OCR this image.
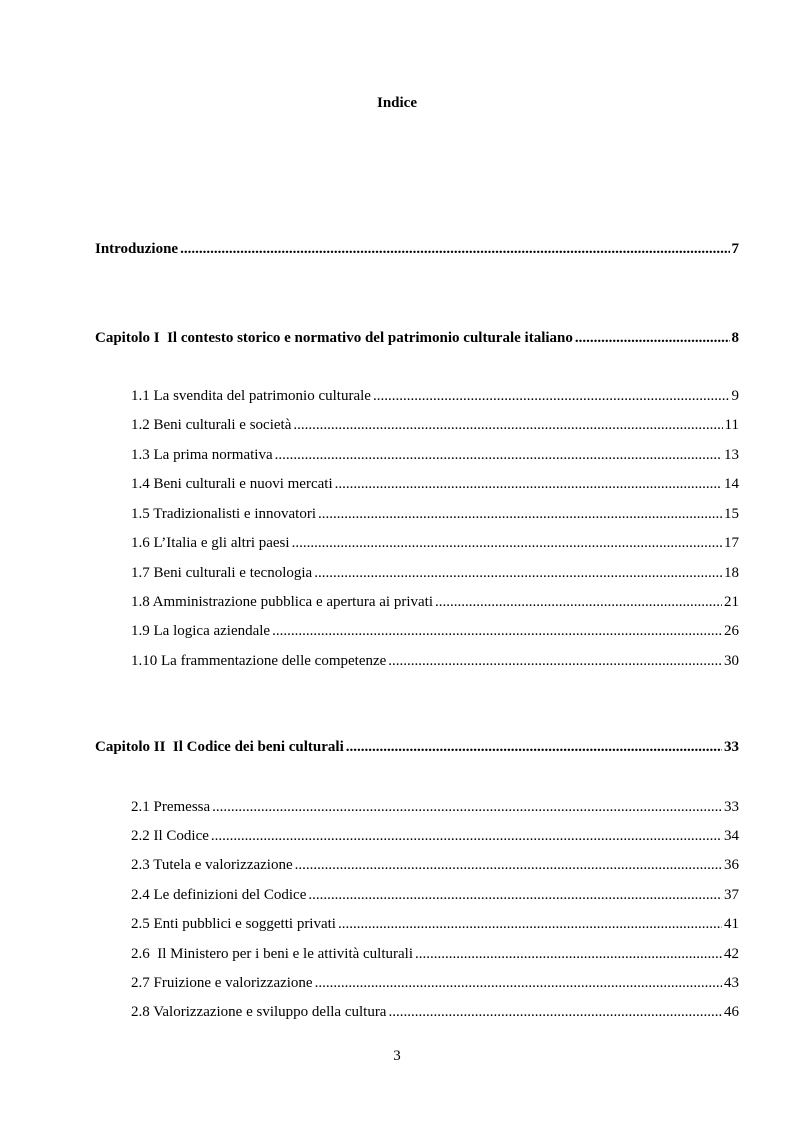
Indice
Introduzione .....	7
Capitolo I  Il contesto storico e normativo del patrimonio culturale italiano .....	8
1.1 La svendita del patrimonio culturale .....	9
1.2 Beni culturali e società .....	11
1.3 La prima normativa .....	13
1.4 Beni culturali e nuovi mercati .....	14
1.5 Tradizionalisti e innovatori .....	15
1.6 L’Italia e gli altri paesi .....	17
1.7 Beni culturali e tecnologia .....	18
1.8 Amministrazione pubblica e apertura ai privati .....	21
1.9 La logica aziendale .....	26
1.10 La frammentazione delle competenze .....	30
Capitolo II  Il Codice dei beni culturali .....	33
2.1 Premessa .....	33
2.2 Il Codice .....	34
2.3 Tutela e valorizzazione .....	36
2.4 Le definizioni del Codice .....	37
2.5 Enti pubblici e soggetti privati .....	41
2.6  Il Ministero per i beni e le attività culturali .....	42
2.7 Fruizione e valorizzazione .....	43
2.8 Valorizzazione e sviluppo della cultura .....	46
3
